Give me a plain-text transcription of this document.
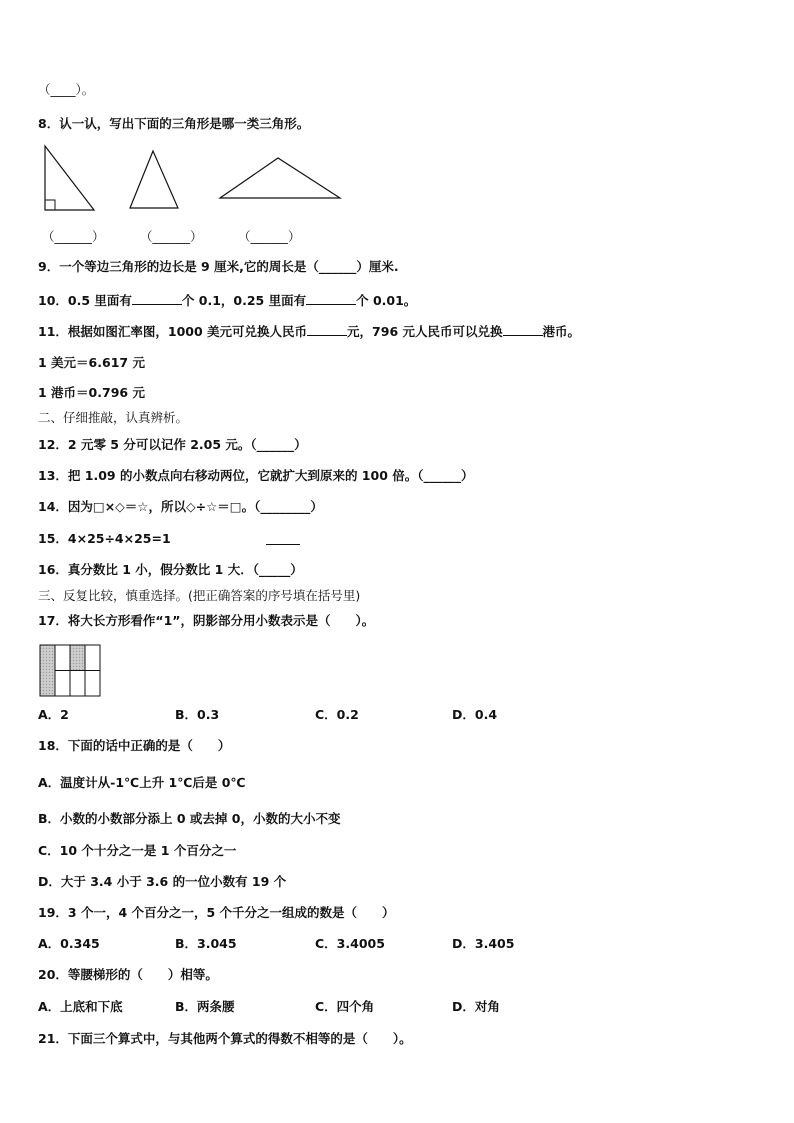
（____）。
8．认一认，写出下面的三角形是哪一类三角形。
（______）	（______）	（______）
9．一个等边三角形的边长是 9 厘米,它的周长是（______）厘米.
10．0.5 里面有	个 0.1，0.25 里面有	个 0.01。
11．根据如图汇率图，1000 美元可兑换人民币	元，796 元人民币可以兑换	港币。
1 美元＝6.617 元
1 港币＝0.796 元
二、仔细推敲，认真辨析。
12．2 元零 5 分可以记作 2.05 元。（______）
13．把 1.09 的小数点向右移动两位，它就扩大到原来的 100 倍。（______）
14．因为□×◇＝☆，所以◇÷☆＝□。（________）
15．4×25÷4×25=1
16．真分数比 1 小，假分数比 1 大．（_____）
三、反复比较，慎重选择。(把正确答案的序号填在括号里)
17．将大长方形看作“1”，阴影部分用小数表示是（　　）。
A．2	B．0.3	C．0.2	D．0.4
18．下面的话中正确的是（　　）
A．温度计从-1℃上升 1℃后是 0℃
B．小数的小数部分添上 0 或去掉 0，小数的大小不变
C．10 个十分之一是 1 个百分之一
D．大于 3.4 小于 3.6 的一位小数有 19 个
19．3 个一，4 个百分之一，5 个千分之一组成的数是（　　）
A．0.345	B．3.045	C．3.4005	D．3.405
20．等腰梯形的（　　）相等。
A．上底和下底	B．两条腰	C．四个角	D．对角
21．下面三个算式中，与其他两个算式的得数不相等的是（　　）。
